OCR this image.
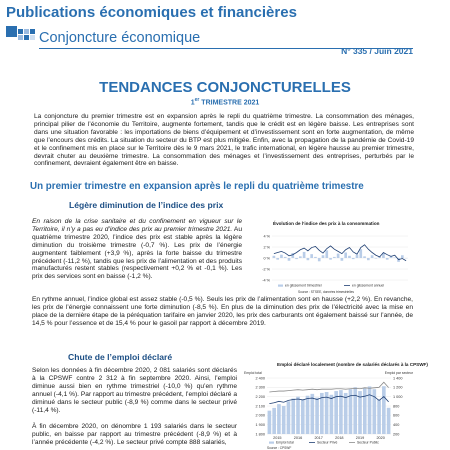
Publications économiques et financières
Conjoncture économique
N° 335 / Juin 2021
TENDANCES CONJONCTURELLES
1er TRIMESTRE 2021

La conjoncture du premier trimestre est en expansion après le repli du quatrième trimestre. La consommation des ménages, principal pilier de l’économie du Territoire, augmente fortement, tandis que le crédit est en légère baisse. Les entreprises sont dans une situation favorable : les importations de biens d’équipement et d’investissement sont en forte augmentation, de même que l’encours des crédits. La situation du secteur du BTP est plus mitigée. Enfin, avec la propagation de la pandémie de Covid-19 et le confinement mis en place sur le Territoire dès le 9 mars 2021, le trafic international, en légère hausse au premier trimestre, devrait chuter au deuxième trimestre. La consommation des ménages et l’investissement des entreprises, perturbés par le confinement, devraient également être en baisse.

Un premier trimestre en expansion après le repli du quatrième trimestre
Légère diminution de l’indice des prix

En raison de la crise sanitaire et du confinement en vigueur sur le Territoire, il n’y a pas eu d’indice des prix au premier trimestre 2021. Au quatrième trimestre 2020, l’indice des prix est stable après la légère diminution du troisième trimestre (-0,7 %). Les prix de l’énergie augmentent faiblement (+3,9 %), après la forte baisse du trimestre précédent (-11,2 %), tandis que les prix de l’alimentation et des produits manufacturés restent stables (respectivement +0,2 % et -0,1 %). Les prix des services sont en baisse (-1,2 %).

En rythme annuel, l’indice global est assez stable (-0,5 %). Seuls les prix de l’alimentation sont en hausse (+2,2 %). En revanche, les prix de l’énergie connaissent une forte diminution (-8,5 %). En plus de la diminution des prix de l’électricité avec la mise en place de la dernière étape de la péréquation tarifaire en janvier 2020, les prix des carburants ont également baissé sur l’année, de 14,5 % pour l’essence et de 15,4 % pour le gasoil par rapport à décembre 2019.

Chute de l’emploi déclaré

Selon les données à fin décembre 2020, 2 081 salariés sont déclarés à la CPSWF contre 2 312 à fin septembre 2020. Ainsi, l’emploi diminue aussi bien en rythme trimestriel (-10,0 %) qu’en rythme annuel (-4,1 %). Par rapport au trimestre précédent, l’emploi déclaré a diminué dans le secteur public (-8,9 %) comme dans le secteur privé (-11,4 %).

À fin décembre 2020, on dénombre 1 193 salariés dans le secteur public, en baisse par rapport au trimestre précédent (-8,9 %) et à l’année précédente (-4,2 %). Le secteur privé compte 888 salariés,

Évolution de l’indice des prix à la consommation
4 %
2 %
0 %
-2 %
-4 %
en glissement trimestriel	en glissement annuel
Source : STSEE, données trimestrielles
Emploi déclaré localement (nombre de salariés déclarés à la CPSWF)
Emploi total	Emploi par secteur
2 400
2 300
2 200
2 100
2 000
1 900
1 800
1 400
1 200
1 000
800
600
400
200
2015	2016	2017	2018	2019	2020
Emploi total	Secteur Privé	Secteur Public
Source : CPSWF
